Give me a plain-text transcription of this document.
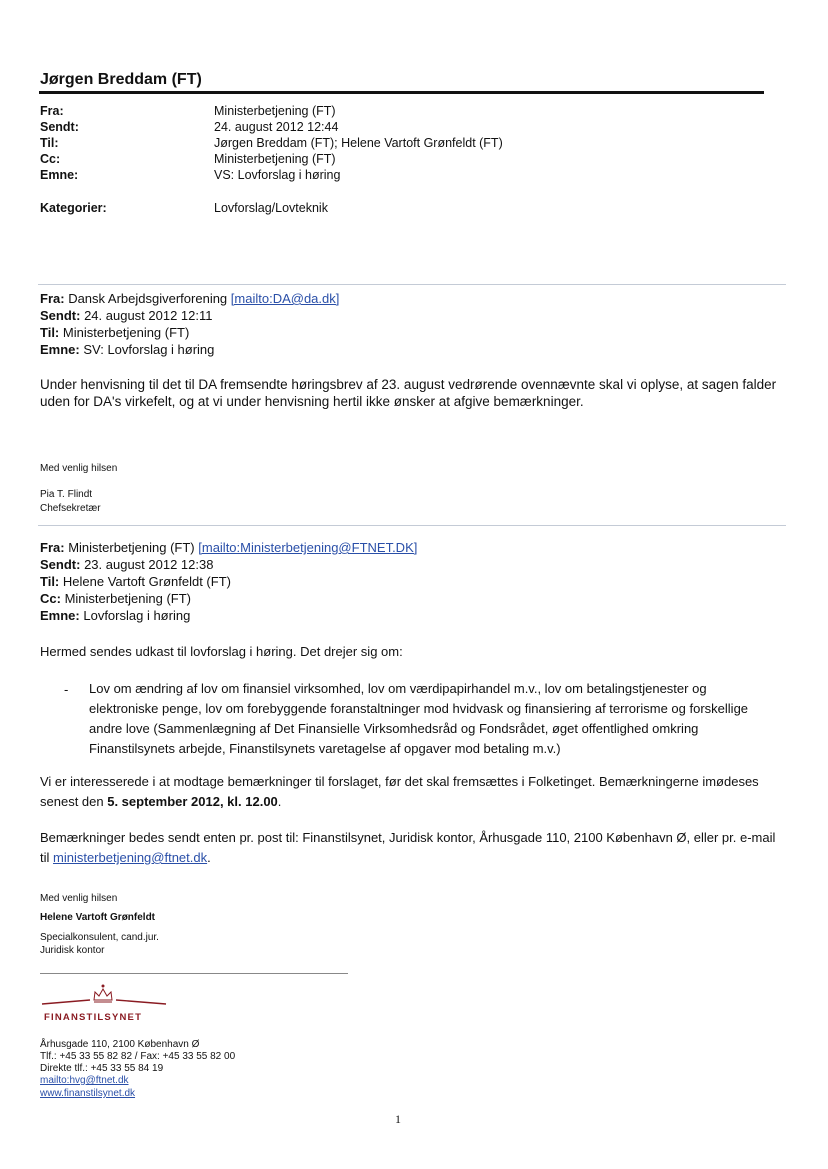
Jørgen Breddam (FT)
Fra:	Ministerbetjening (FT)
Sendt:	24. august 2012 12:44
Til:	Jørgen Breddam (FT); Helene Vartoft Grønfeldt (FT)
Cc:	Ministerbetjening (FT)
Emne:	VS: Lovforslag i høring
Kategorier:	Lovforslag/Lovteknik
Fra: Dansk Arbejdsgiverforening [mailto:DA@da.dk]
Sendt: 24. august 2012 12:11
Til: Ministerbetjening (FT)
Emne: SV: Lovforslag i høring
Under henvisning til det til DA fremsendte høringsbrev af 23. august vedrørende ovennævnte skal vi oplyse, at sagen falder uden for DA's virkefelt, og at vi under henvisning hertil ikke ønsker at afgive bemærkninger.
Med venlig hilsen
Pia T. Flindt
Chefsekretær
Fra: Ministerbetjening (FT) [mailto:Ministerbetjening@FTNET.DK]
Sendt: 23. august 2012 12:38
Til: Helene Vartoft Grønfeldt (FT)
Cc: Ministerbetjening (FT)
Emne: Lovforslag i høring
Hermed sendes udkast til lovforslag i høring. Det drejer sig om:
- Lov om ændring af lov om finansiel virksomhed, lov om værdipapirhandel m.v., lov om betalingstjenester og elektroniske penge, lov om forebyggende foranstaltninger mod hvidvask og finansiering af terrorisme og forskellige andre love (Sammenlægning af Det Finansielle Virksomhedsråd og Fondsrådet, øget offentlighed omkring Finanstilsynets arbejde, Finanstilsynets varetagelse af opgaver mod betaling m.v.)
Vi er interesserede i at modtage bemærkninger til forslaget, før det skal fremsættes i Folketinget. Bemærkningerne imødeses senest den 5. september 2012, kl. 12.00.
Bemærkninger bedes sendt enten pr. post til: Finanstilsynet, Juridisk kontor, Århusgade 110, 2100 København Ø, eller pr. e-mail til ministerbetjening@ftnet.dk.
Med venlig hilsen
Helene Vartoft Grønfeldt
Specialkonsulent, cand.jur.
Juridisk kontor
FINANSTILSYNET
Århusgade 110, 2100 København Ø
Tlf.: +45 33 55 82 82 / Fax: +45 33 55 82 00
Direkte tlf.: +45 33 55 84 19
mailto:hvg@ftnet.dk
www.finanstilsynet.dk
1
